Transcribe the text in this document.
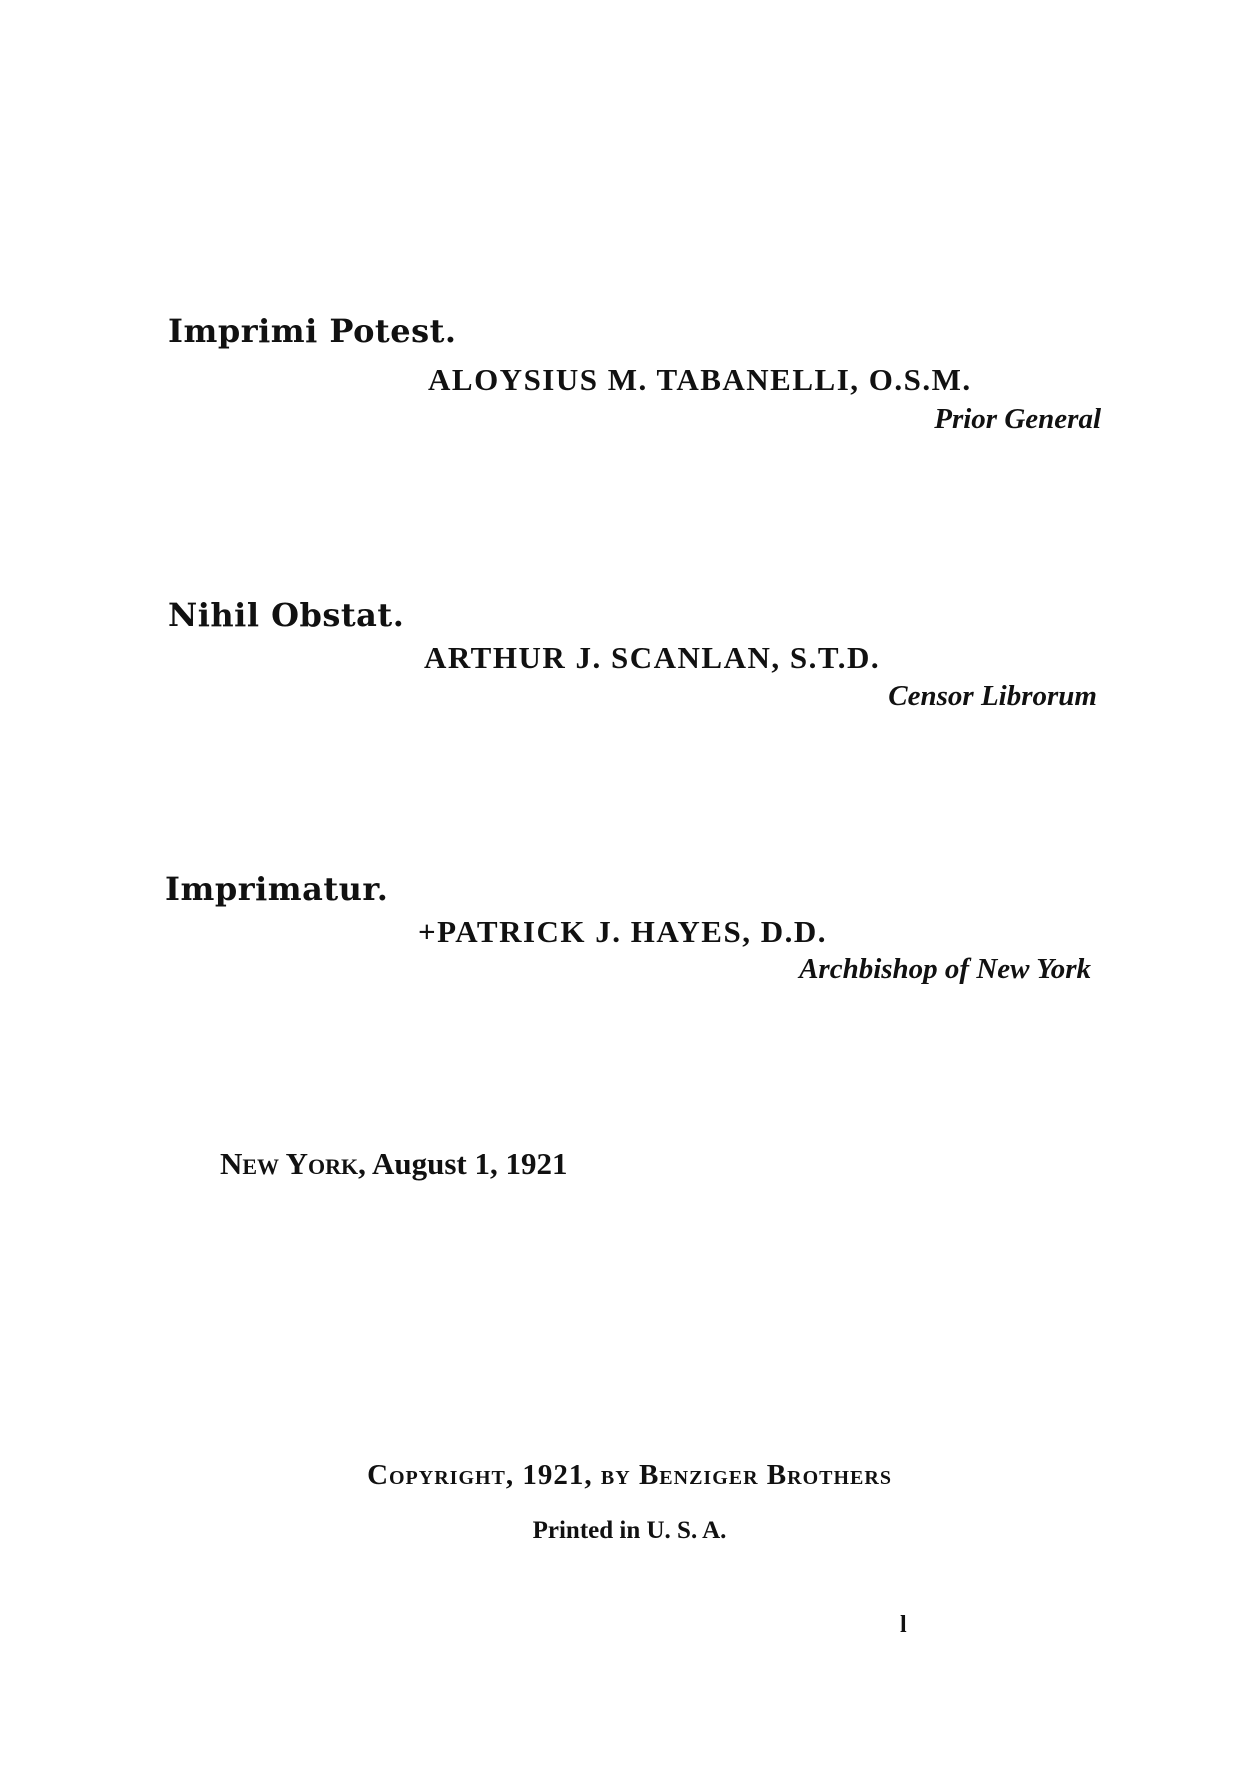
Imprimi Potest.
ALOYSIUS M. TABANELLI, O.S.M.
Prior General
Nihil Obstat.
ARTHUR J. SCANLAN, S.T.D.
Censor Librorum
Imprimatur.
+PATRICK J. HAYES, D.D.
Archbishop of New York
New York, August 1, 1921
Copyright, 1921, by Benziger Brothers
Printed in U. S. A.
l
